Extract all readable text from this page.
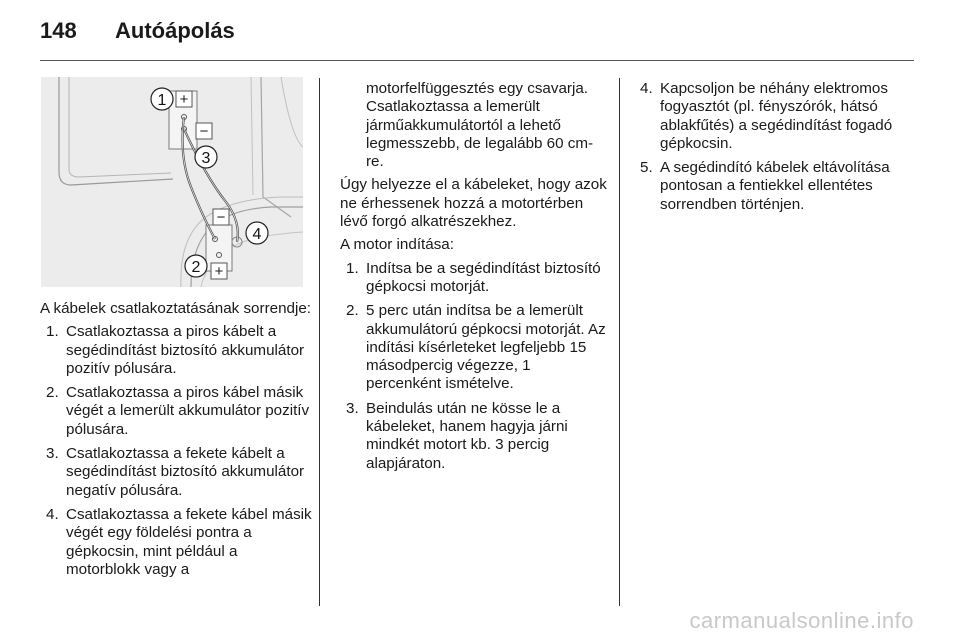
148 Autóápolás
+
−
−
+
1
3
4
2

A kábelek csatlakoztatásának sorrendje:

1. Csatlakoztassa a piros kábelt a segédindítást biztosító akkumulátor pozitív pólusára.
2. Csatlakoztassa a piros kábel másik végét a lemerült akkumulátor pozitív pólusára.
3. Csatlakoztassa a fekete kábelt a segédindítást biztosító akkumulátor negatív pólusára.
4. Csatlakoztassa a fekete kábel másik végét egy földelési pontra a gépkocsin, mint például a motorblokk vagy a

motorfelfüggesztés egy csavarja. Csatlakoztassa a lemerült járműakkumulátortól a lehető legmesszebb, de legalább 60 cm-re.

Úgy helyezze el a kábeleket, hogy azok ne érhessenek hozzá a motortérben lévő forgó alkatrészekhez.

A motor indítása:

1. Indítsa be a segédindítást biztosító gépkocsi motorját.
2. 5 perc után indítsa be a lemerült akkumulátorú gépkocsi motorját. Az indítási kísérleteket legfeljebb 15 másodpercig végezze, 1 percenként ismételve.
3. Beindulás után ne kösse le a kábeleket, hanem hagyja járni mindkét motort kb. 3 percig alapjáraton.
4. Kapcsoljon be néhány elektromos fogyasztót (pl. fényszórók, hátsó ablakfűtés) a segédindítást fogadó gépkocsin.
5. A segédindító kábelek eltávolítása pontosan a fentiekkel ellentétes sorrendben történjen.
carmanualsonline.info
